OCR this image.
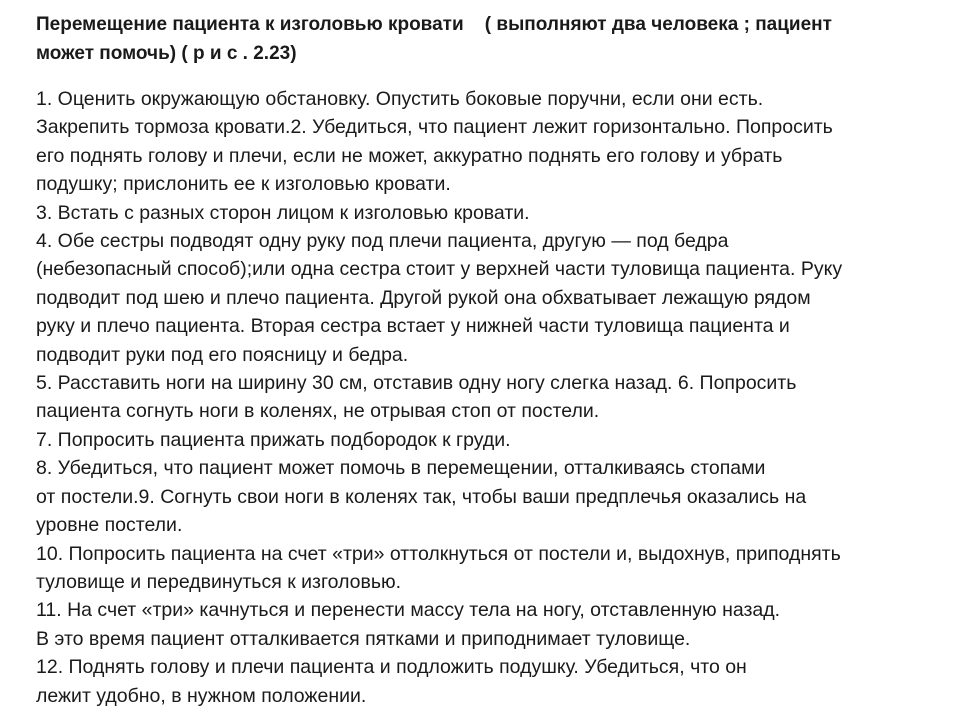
Перемещение пациента к изголовью кровати    ( выполняют два человека ; пациент
может помочь) ( р и с . 2.23)
1. Оценить окружающую обстановку. Опустить боковые поручни, если они есть.
Закрепить тормоза кровати.2. Убедиться, что пациент лежит горизонтально. Попросить
его поднять голову и плечи, если не может, аккуратно поднять его голову и убрать
подушку; прислонить ее к изголовью кровати.
3. Встать с разных сторон лицом к изголовью кровати.
4. Обе сестры подводят одну руку под плечи пациента, другую — под бедра
(небезопасный способ);или одна сестра стоит у верхней части туловища пациента. Руку
подводит под шею и плечо пациента. Другой рукой она обхватывает лежащую рядом
руку и плечо пациента. Вторая сестра встает у нижней части туловища пациента и
подводит руки под его поясницу и бедра.
5. Расставить ноги на ширину 30 см, отставив одну ногу слегка назад. 6. Попросить
пациента согнуть ноги в коленях, не отрывая стоп от постели.
7. Попросить пациента прижать подбородок к груди.
8. Убедиться, что пациент может помочь в перемещении, отталкиваясь стопами
от постели.9. Согнуть свои ноги в коленях так, чтобы ваши предплечья оказались на
уровне постели.
10. Попросить пациента на счет «три» оттолкнуться от постели и, выдохнув, приподнять
туловище и передвинуться к изголовью.
11. На счет «три» качнуться и перенести массу тела на ногу, отставленную назад.
В это время пациент отталкивается пятками и приподнимает туловище.
12. Поднять голову и плечи пациента и подложить подушку. Убедиться, что он
лежит удобно, в нужном положении.
